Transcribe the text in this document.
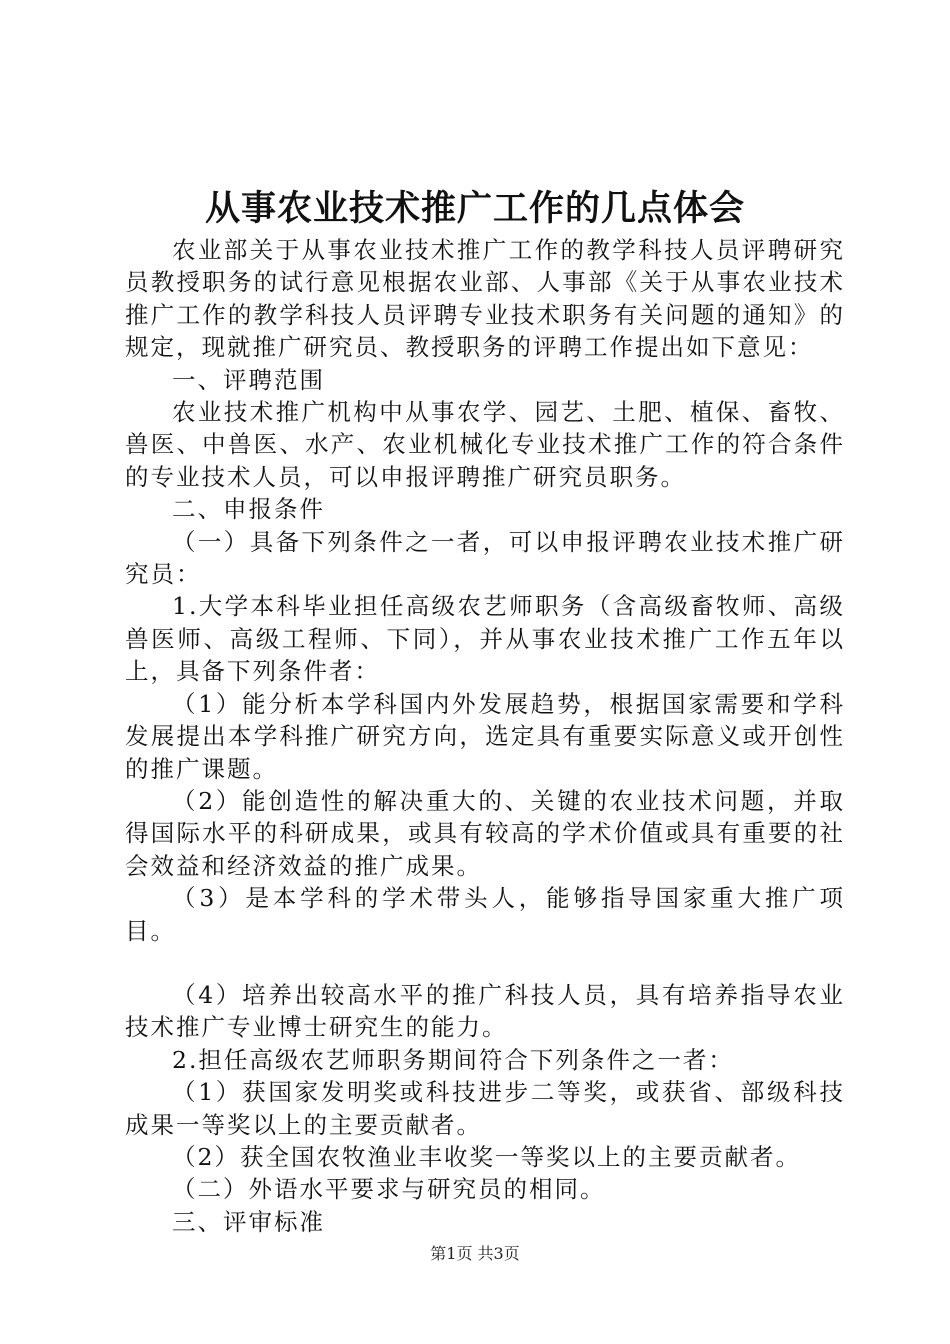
从事农业技术推广工作的几点体会

农业部关于从事农业技术推广工作的教学科技人员评聘研究员教授职务的试行意见根据农业部、人事部《关于从事农业技术推广工作的教学科技人员评聘专业技术职务有关问题的通知》的规定，现就推广研究员、教授职务的评聘工作提出如下意见：

一、评聘范围

农业技术推广机构中从事农学、园艺、土肥、植保、畜牧、兽医、中兽医、水产、农业机械化专业技术推广工作的符合条件的专业技术人员，可以申报评聘推广研究员职务。

二、申报条件

（一）具备下列条件之一者，可以申报评聘农业技术推广研究员：

1.大学本科毕业担任高级农艺师职务（含高级畜牧师、高级兽医师、高级工程师、下同），并从事农业技术推广工作五年以上，具备下列条件者：

（1）能分析本学科国内外发展趋势，根据国家需要和学科发展提出本学科推广研究方向，选定具有重要实际意义或开创性的推广课题。

（2）能创造性的解决重大的、关键的农业技术问题，并取得国际水平的科研成果，或具有较高的学术价值或具有重要的社会效益和经济效益的推广成果。

（3）是本学科的学术带头人，能够指导国家重大推广项目。

（4）培养出较高水平的推广科技人员，具有培养指导农业技术推广专业博士研究生的能力。

2.担任高级农艺师职务期间符合下列条件之一者：

（1）获国家发明奖或科技进步二等奖，或获省、部级科技成果一等奖以上的主要贡献者。

（2）获全国农牧渔业丰收奖一等奖以上的主要贡献者。

（二）外语水平要求与研究员的相同。

三、评审标准

第1页 共3页
